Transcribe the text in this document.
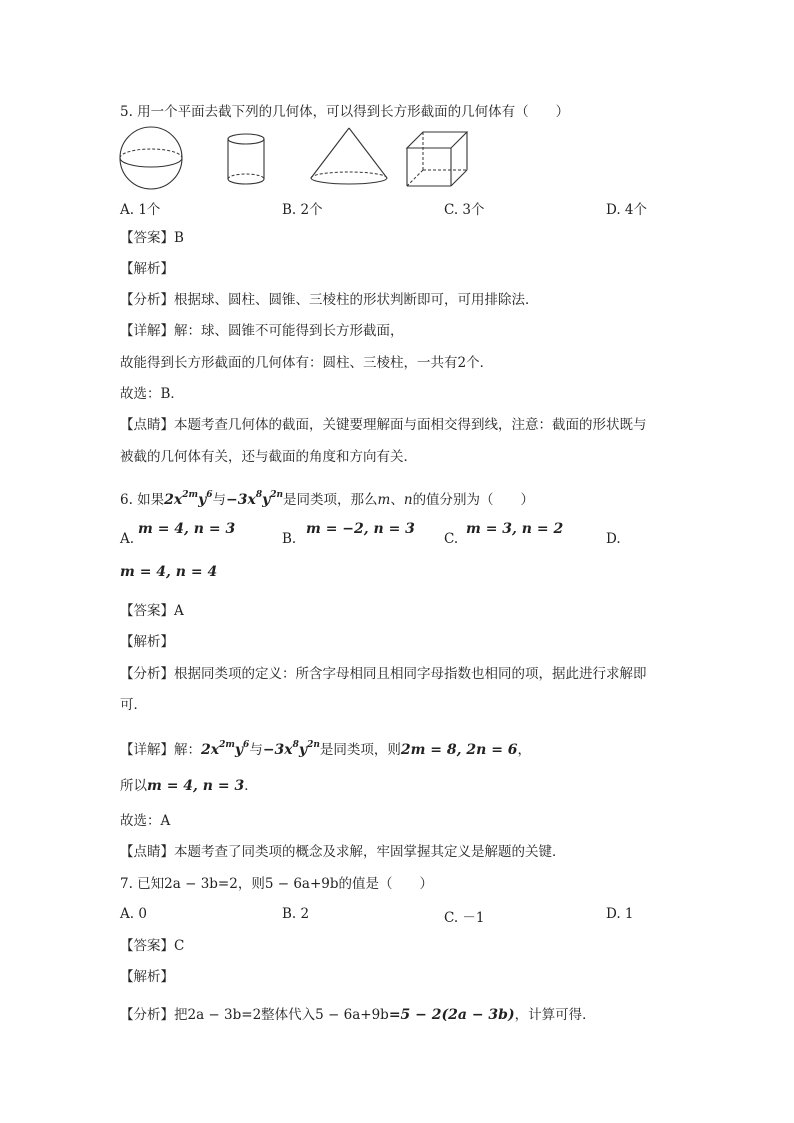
5. 用一个平面去截下列的几何体，可以得到长方形截面的几何体有（　　）
A. 1个	B. 2个	C. 3个	D. 4个
【答案】B
【解析】
【分析】根据球、圆柱、圆锥、三棱柱的形状判断即可，可用排除法．
【详解】解：球、圆锥不可能得到长方形截面，
故能得到长方形截面的几何体有：圆柱、三棱柱，一共有2个．
故选：B．
【点睛】本题考查几何体的截面，关键要理解面与面相交得到线，注意：截面的形状既与
被截的几何体有关，还与截面的角度和方向有关．
6. 如果$2x^{2m}y^6$与$-3x^8y^{2n}$是同类项，那么m、n的值分别为（　　）
A.
m = 4, n = 3
B.
m = −2, n = 3
C.
m = 3, n = 2
D.
m = 4, n = 4
【答案】A
【解析】
【分析】根据同类项的定义：所含字母相同且相同字母指数也相同的项，据此进行求解即
可．
【详解】解：$2x^{2m}y^6$与$-3x^8y^{2n}$是同类项，则2m = 8, 2n = 6，
所以m = 4, n = 3．
故选：A
【点睛】本题考查了同类项的概念及求解，牢固掌握其定义是解题的关键．
7. 已知2a − 3b=2，则5 − 6a+9b的值是（　　）
A. 0	B. 2	C. －1	D. 1
【答案】C
【解析】
【分析】把2a − 3b=2整体代入5 − 6a+9b=5 − 2(2a − 3b)，计算可得．
